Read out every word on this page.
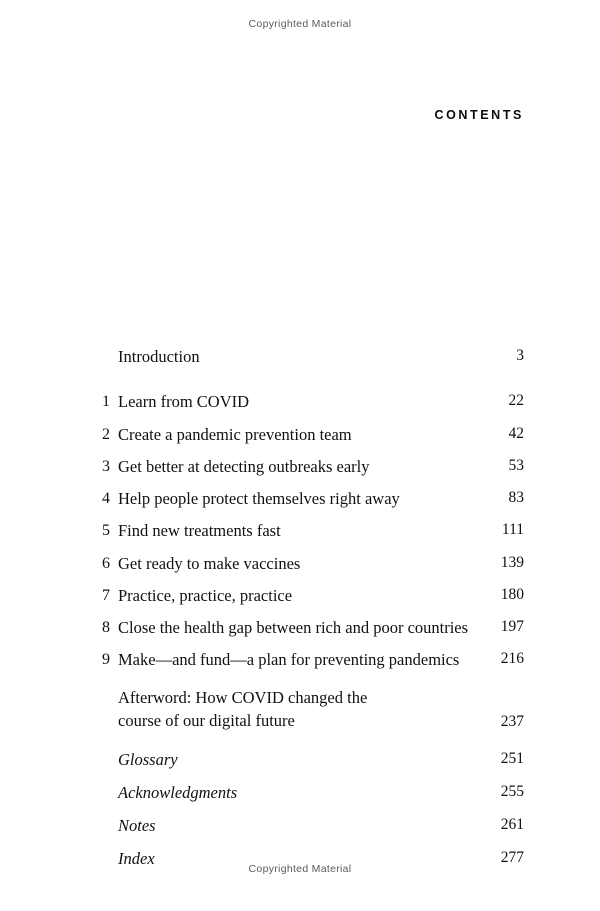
Copyrighted Material
CONTENTS
Introduction	3
1 Learn from COVID	22
2 Create a pandemic prevention team	42
3 Get better at detecting outbreaks early	53
4 Help people protect themselves right away	83
5 Find new treatments fast	111
6 Get ready to make vaccines	139
7 Practice, practice, practice	180
8 Close the health gap between rich and poor countries	197
9 Make—and fund—a plan for preventing pandemics	216
Afterword: How COVID changed the
course of our digital future	237
Glossary	251
Acknowledgments	255
Notes	261
Index	277
Copyrighted Material
